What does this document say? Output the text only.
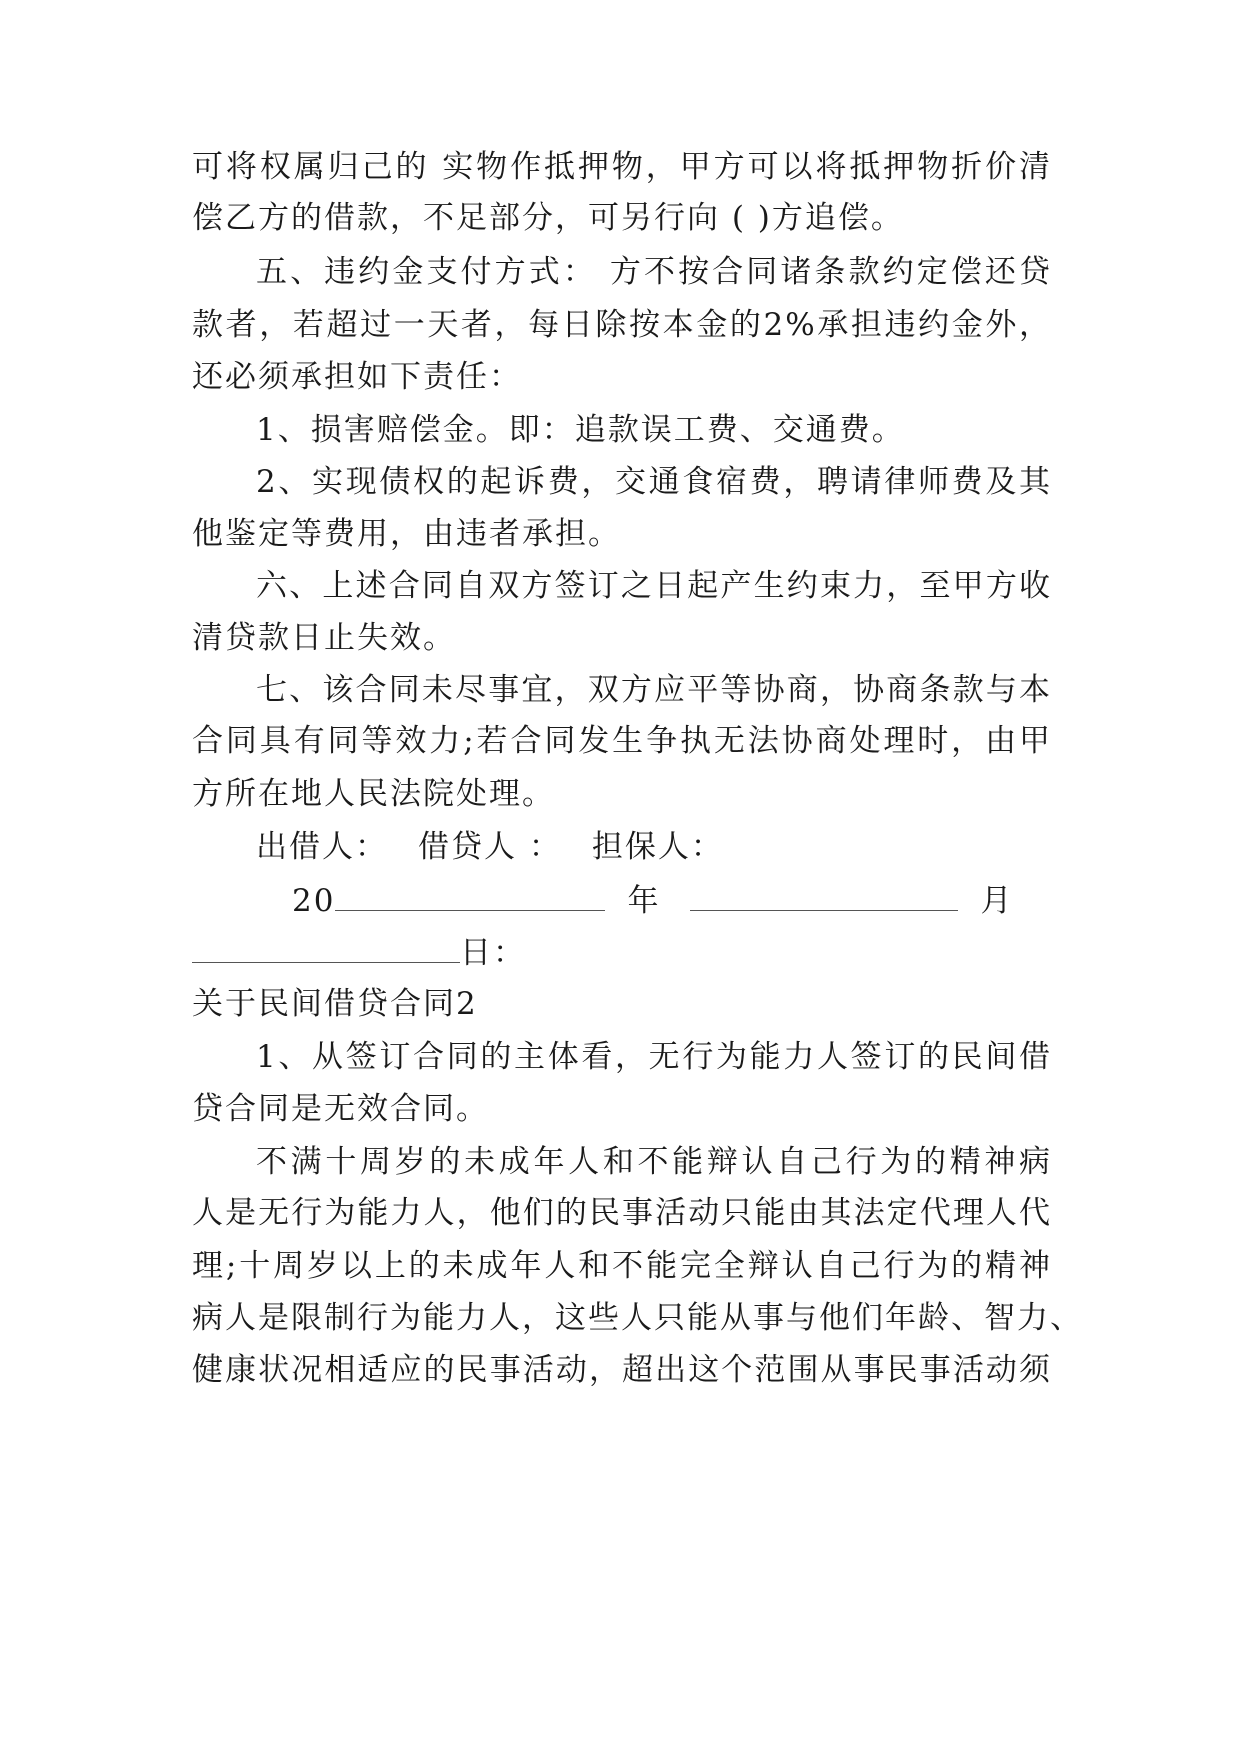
可将权属归己的 实物作抵押物，甲方可以将抵押物折价清
偿乙方的借款，不足部分，可另行向 ( )方追偿。
五、违约金支付方式： 方不按合同诸条款约定偿还贷
款者，若超过一天者，每日除按本金的2%承担违约金外，
还必须承担如下责任：
1、损害赔偿金。即：追款误工费、交通费。
2、实现债权的起诉费，交通食宿费，聘请律师费及其
他鉴定等费用，由违者承担。
六、上述合同自双方签订之日起产生约束力，至甲方收
清贷款日止失效。
七、该合同未尽事宜，双方应平等协商，协商条款与本
合同具有同等效力;若合同发生争执无法协商处理时，由甲
方所在地人民法院处理。
出借人： 借贷人 ： 担保人：
20	年	月
日：
关于民间借贷合同2
1、从签订合同的主体看，无行为能力人签订的民间借
贷合同是无效合同。
不满十周岁的未成年人和不能辩认自己行为的精神病
人是无行为能力人，他们的民事活动只能由其法定代理人代
理;十周岁以上的未成年人和不能完全辩认自己行为的精神
病人是限制行为能力人，这些人只能从事与他们年龄、智力、
健康状况相适应的民事活动，超出这个范围从事民事活动须
